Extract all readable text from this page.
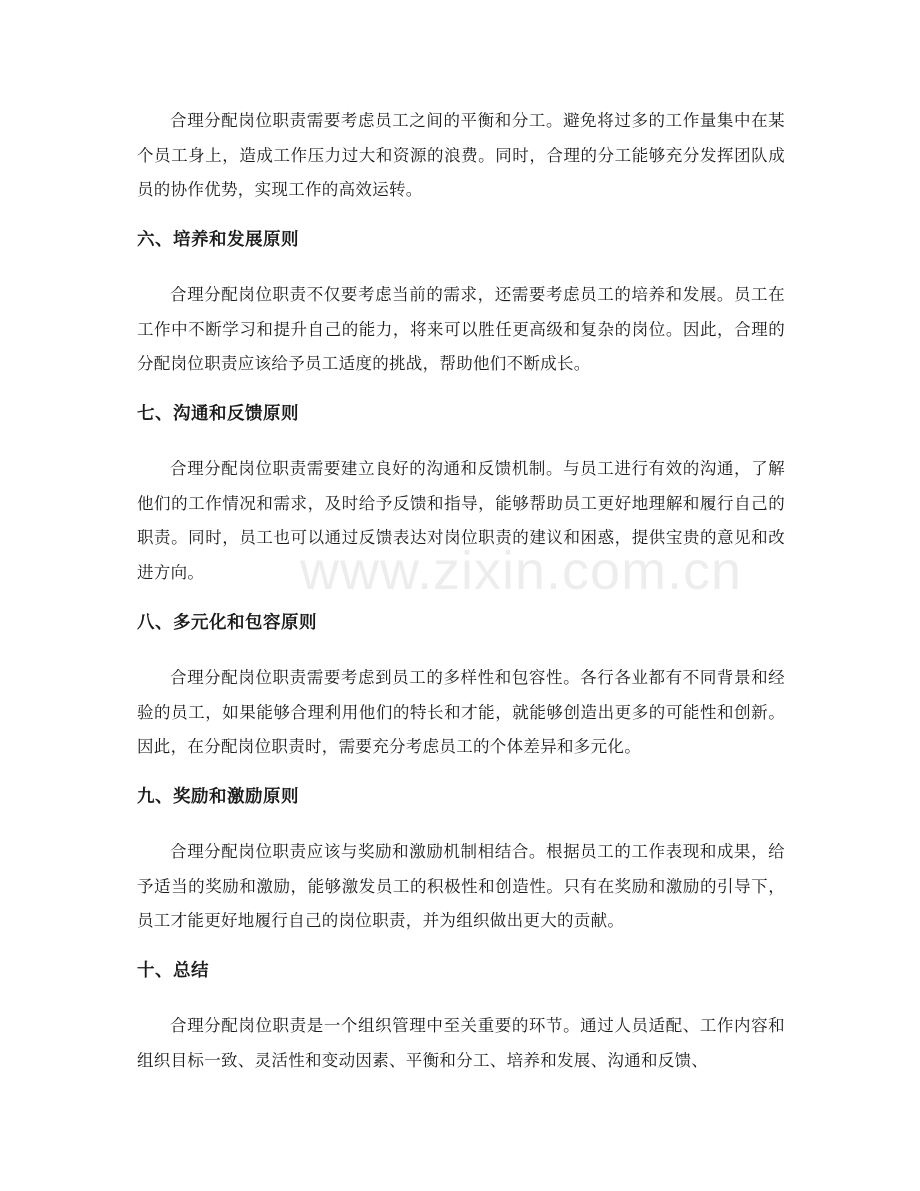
合理分配岗位职责需要考虑员工之间的平衡和分工。避免将过多的工作量集中在某个员工身上，造成工作压力过大和资源的浪费。同时，合理的分工能够充分发挥团队成员的协作优势，实现工作的高效运转。

六、培养和发展原则

合理分配岗位职责不仅要考虑当前的需求，还需要考虑员工的培养和发展。员工在工作中不断学习和提升自己的能力，将来可以胜任更高级和复杂的岗位。因此，合理的分配岗位职责应该给予员工适度的挑战，帮助他们不断成长。

七、沟通和反馈原则

合理分配岗位职责需要建立良好的沟通和反馈机制。与员工进行有效的沟通，了解他们的工作情况和需求，及时给予反馈和指导，能够帮助员工更好地理解和履行自己的职责。同时，员工也可以通过反馈表达对岗位职责的建议和困惑，提供宝贵的意见和改进方向。

八、多元化和包容原则

合理分配岗位职责需要考虑到员工的多样性和包容性。各行各业都有不同背景和经验的员工，如果能够合理利用他们的特长和才能，就能够创造出更多的可能性和创新。因此，在分配岗位职责时，需要充分考虑员工的个体差异和多元化。

九、奖励和激励原则

合理分配岗位职责应该与奖励和激励机制相结合。根据员工的工作表现和成果，给予适当的奖励和激励，能够激发员工的积极性和创造性。只有在奖励和激励的引导下，员工才能更好地履行自己的岗位职责，并为组织做出更大的贡献。

十、总结

合理分配岗位职责是一个组织管理中至关重要的环节。通过人员适配、工作内容和组织目标一致、灵活性和变动因素、平衡和分工、培养和发展、沟通和反馈、

www.zixin.com.cn
